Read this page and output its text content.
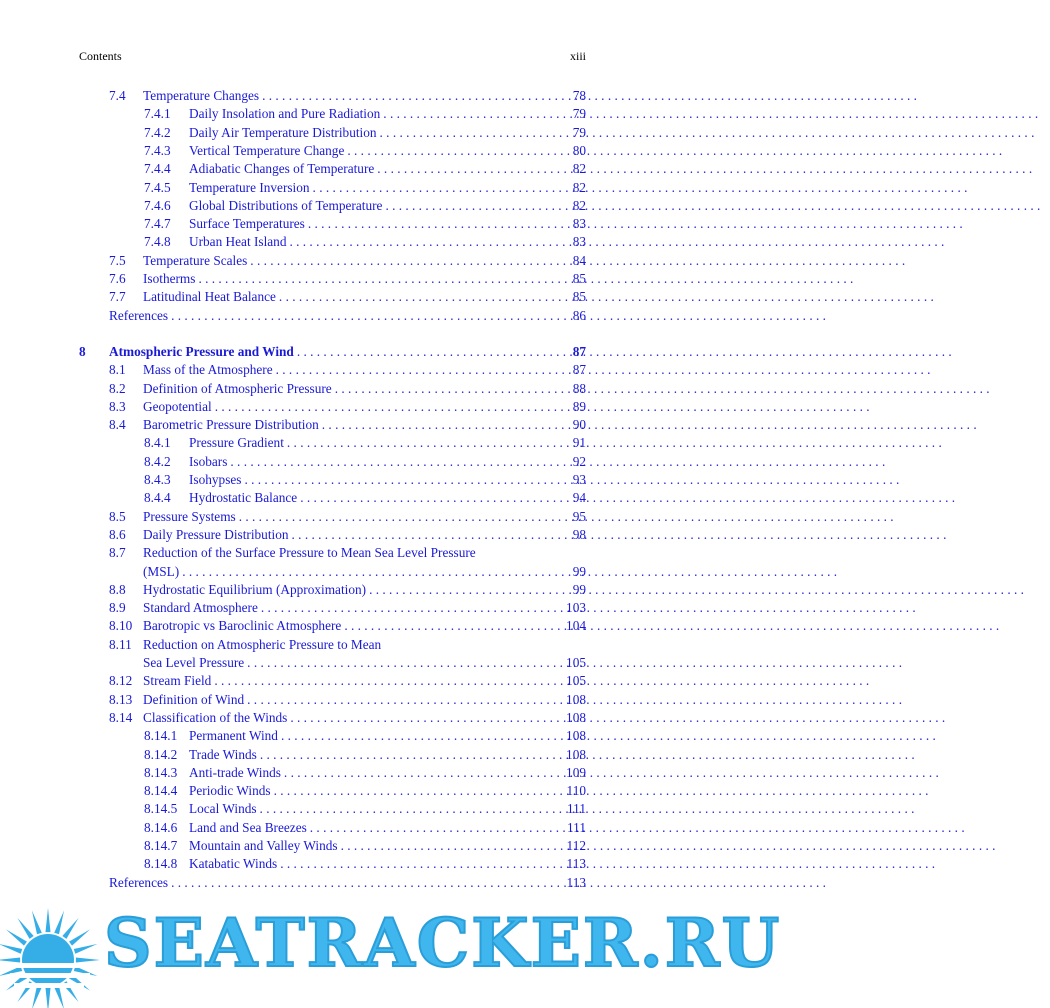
Contents	xiii
7.4 Temperature Changes . . .	78
7.4.1 Daily Insolation and Pure Radiation . . .	79
7.4.2 Daily Air Temperature Distribution . . .	79
7.4.3 Vertical Temperature Change . . .	80
7.4.4 Adiabatic Changes of Temperature . . .	82
7.4.5 Temperature Inversion . . .	82
7.4.6 Global Distributions of Temperature . . .	82
7.4.7 Surface Temperatures . . .	83
7.4.8 Urban Heat Island . . .	83
7.5 Temperature Scales . . .	84
7.6 Isotherms . . .	85
7.7 Latitudinal Heat Balance . . .	85
References . . .	86
8 Atmospheric Pressure and Wind . . .	87
8.1 Mass of the Atmosphere . . .	87
8.2 Definition of Atmospheric Pressure . . .	88
8.3 Geopotential . . .	89
8.4 Barometric Pressure Distribution . . .	90
8.4.1 Pressure Gradient . . .	91
8.4.2 Isobars . . .	92
8.4.3 Isohypses . . .	93
8.4.4 Hydrostatic Balance . . .	94
8.5 Pressure Systems . . .	95
8.6 Daily Pressure Distribution . . .	98
8.7 Reduction of the Surface Pressure to Mean Sea Level Pressure
(MSL) . . .	99
8.8 Hydrostatic Equilibrium (Approximation) . . .	99
8.9 Standard Atmosphere . . .	103
8.10 Barotropic vs Baroclinic Atmosphere . . .	104
8.11 Reduction on Atmospheric Pressure to Mean
Sea Level Pressure . . .	105
8.12 Stream Field . . .	105
8.13 Definition of Wind . . .	108
8.14 Classification of the Winds . . .	108
8.14.1 Permanent Wind . . .	108
8.14.2 Trade Winds . . .	108
8.14.3 Anti-trade Winds . . .	109
8.14.4 Periodic Winds . . .	110
8.14.5 Local Winds . . .	111
8.14.6 Land and Sea Breezes . . .	111
8.14.7 Mountain and Valley Winds . . .	112
8.14.8 Katabatic Winds . . .	113
References . . .	113
SEATRACKER.RU
